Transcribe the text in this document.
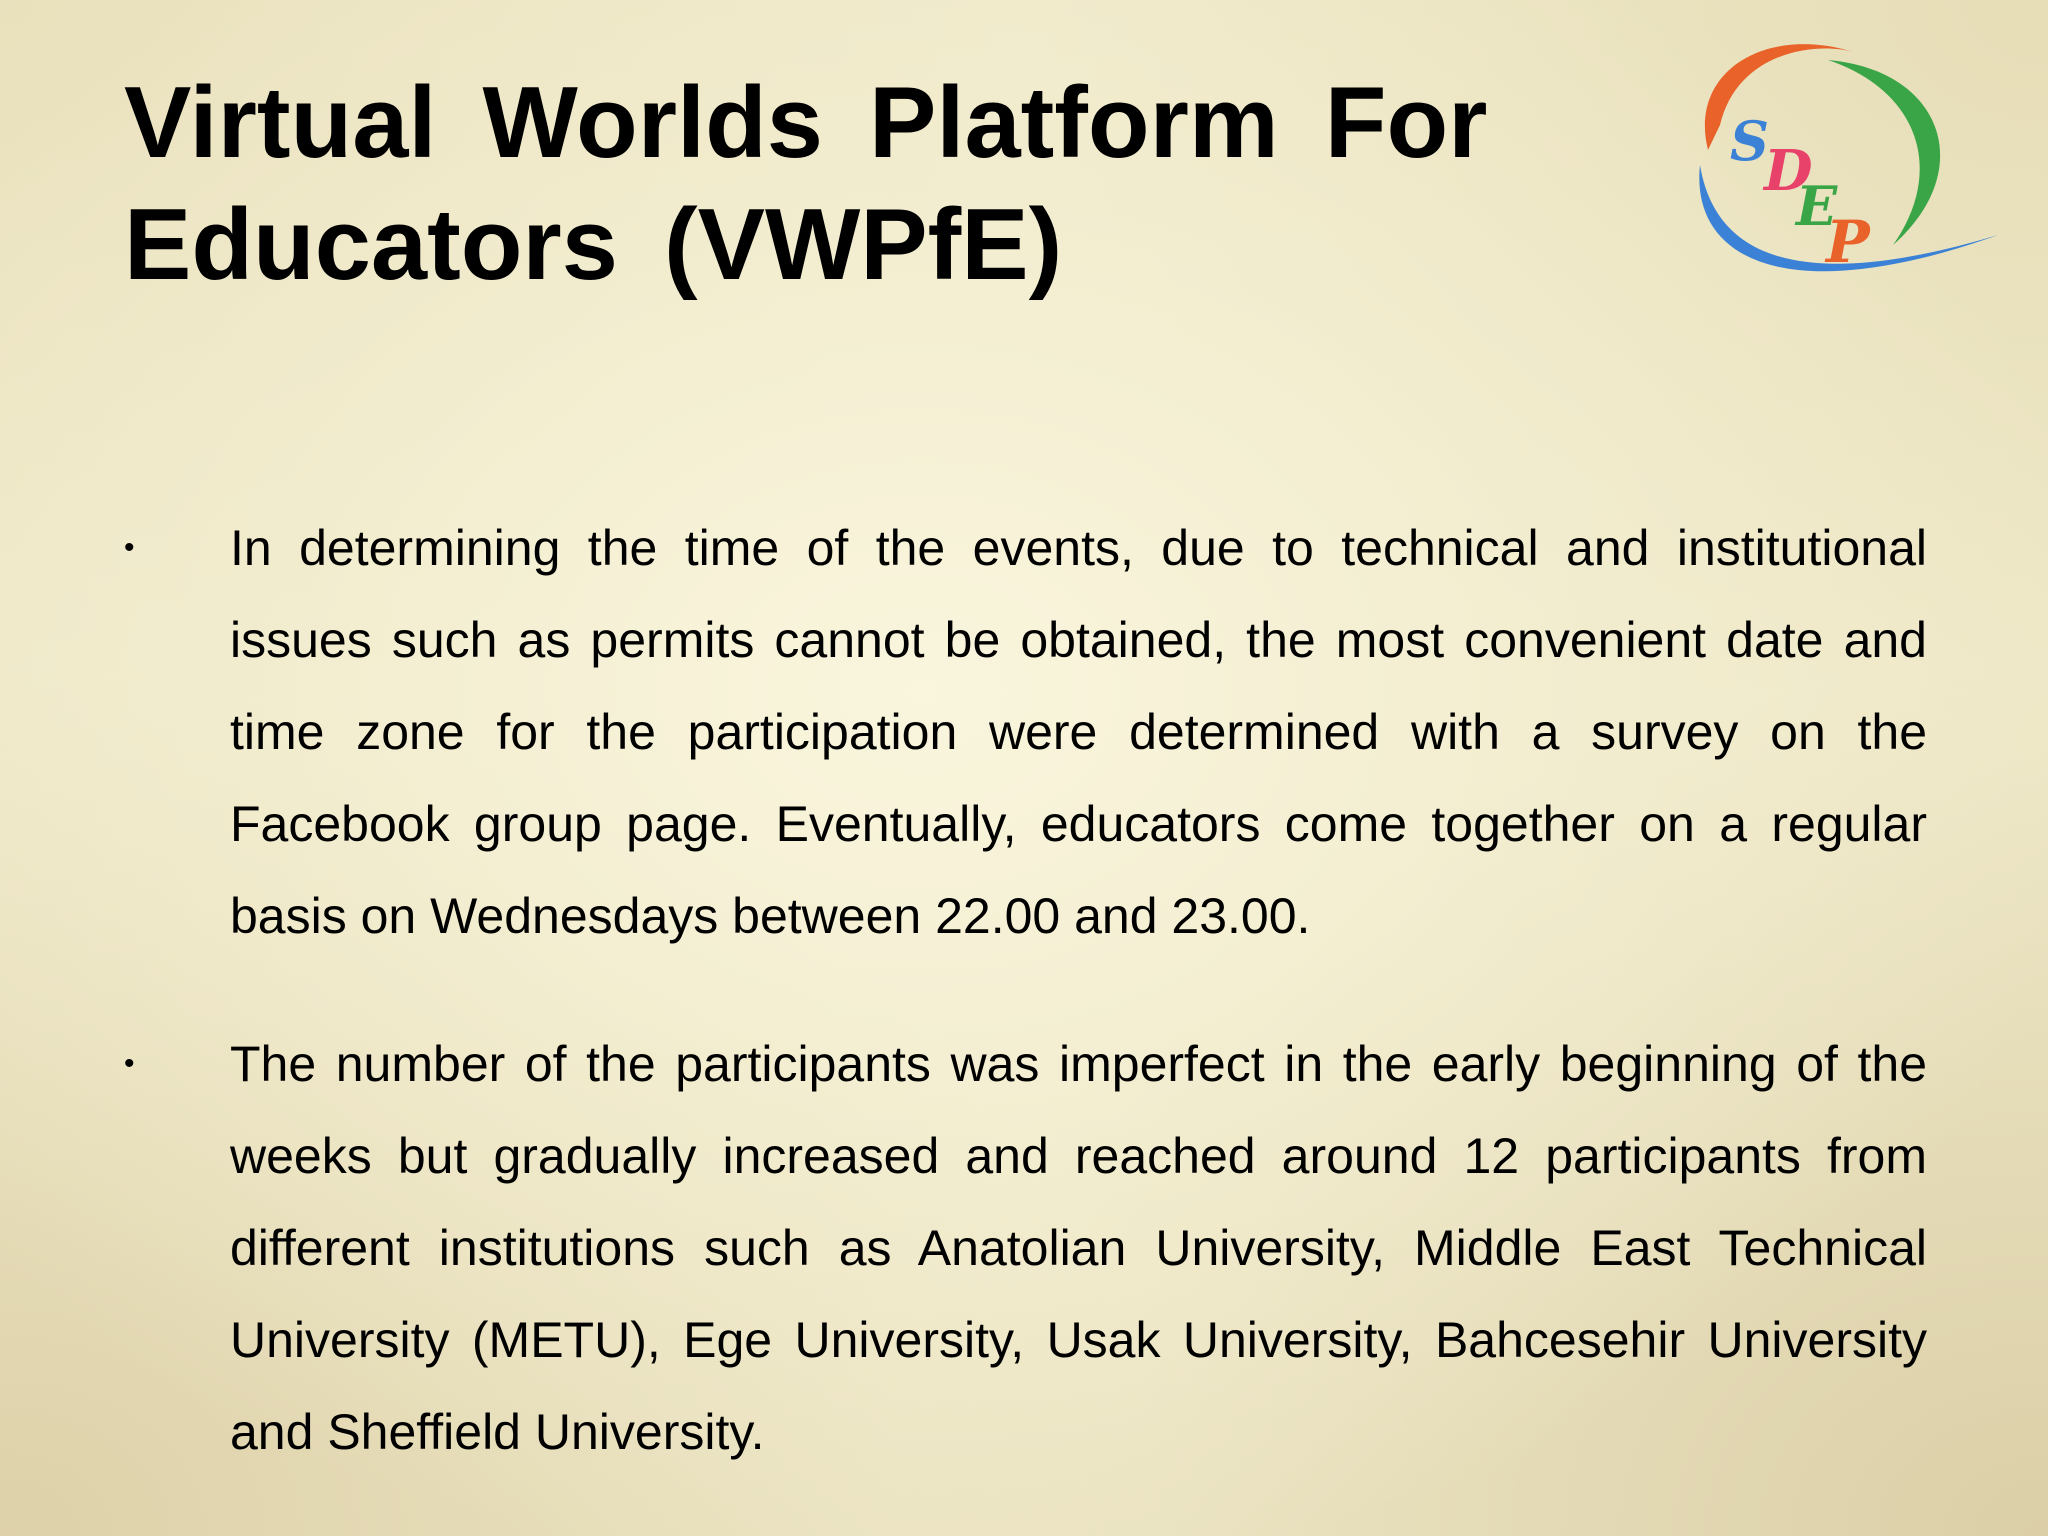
Virtual Worlds Platform For
Educators (VWPfE)
S
D
E
P
• In determining the time of the events, due to technical and institutional issues such as permits cannot be obtained, the most convenient date and time zone for the participation were determined with a survey on the Facebook group page. Eventually, educators come together on a regular basis on Wednesdays between 22.00 and 23.00.
• The number of the participants was imperfect in the early beginning of the weeks but gradually increased and reached around 12 participants from different institutions such as Anatolian University, Middle East Technical University (METU), Ege University, Usak University, Bahcesehir University and Sheffield University.
